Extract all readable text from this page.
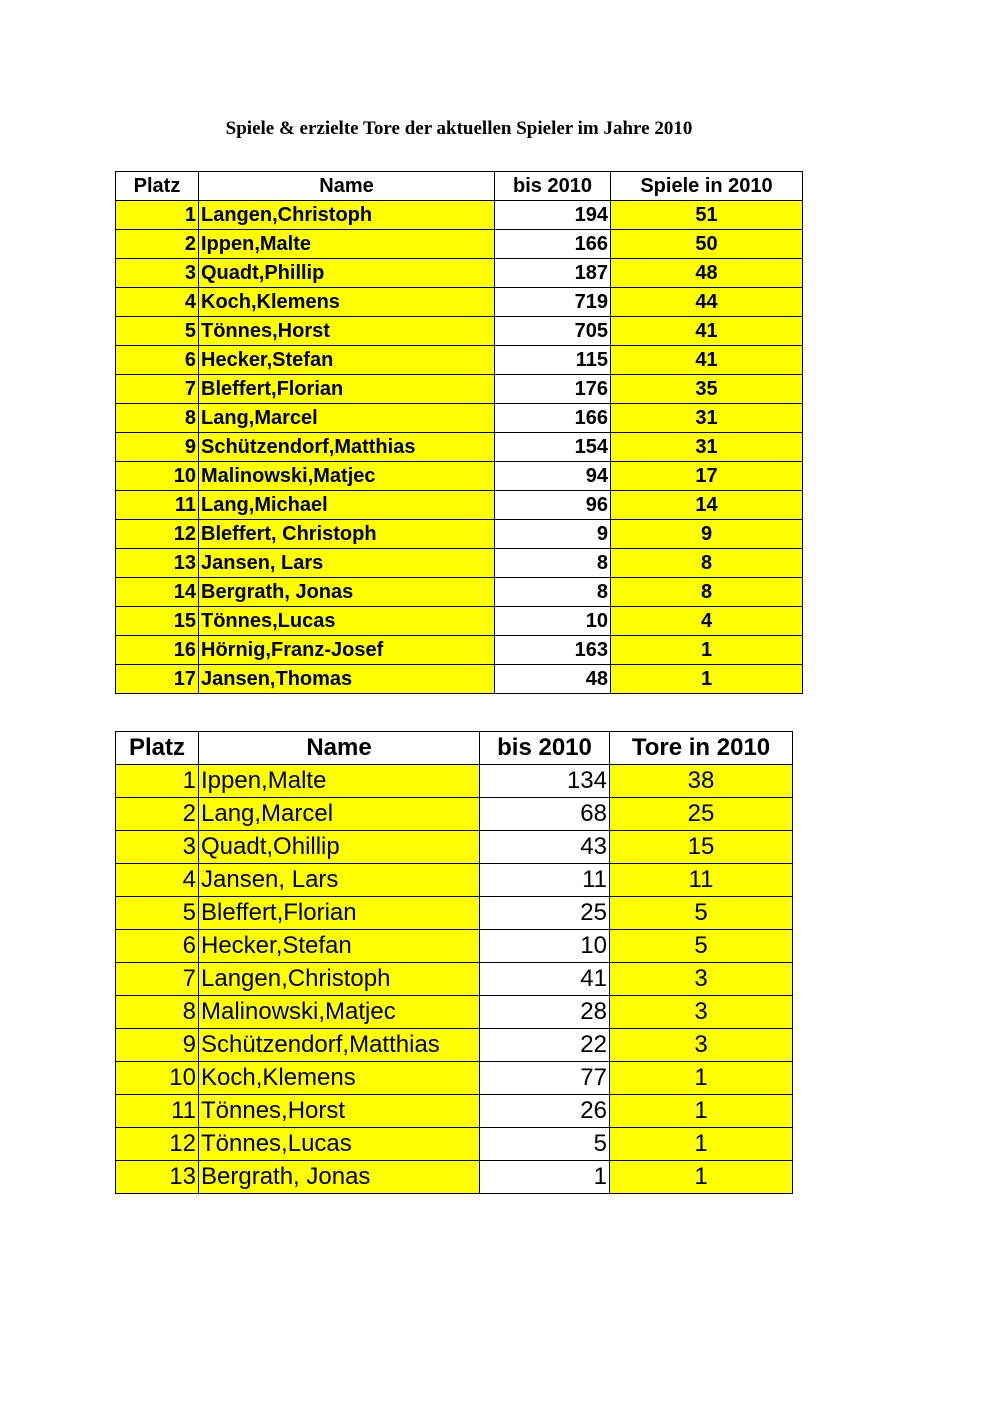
Spiele & erzielte Tore der aktuellen Spieler im Jahre 2010
Platz	Name	bis 2010	Spiele in 2010
1	Langen,Christoph	194	51
2	Ippen,Malte	166	50
3	Quadt,Phillip	187	48
4	Koch,Klemens	719	44
5	Tönnes,Horst	705	41
6	Hecker,Stefan	115	41
7	Bleffert,Florian	176	35
8	Lang,Marcel	166	31
9	Schützendorf,Matthias	154	31
10	Malinowski,Matjec	94	17
11	Lang,Michael	96	14
12	Bleffert, Christoph	9	9
13	Jansen, Lars	8	8
14	Bergrath, Jonas	8	8
15	Tönnes,Lucas	10	4
16	Hörnig,Franz-Josef	163	1
17	Jansen,Thomas	48	1
Platz	Name	bis 2010	Tore in 2010
1	Ippen,Malte	134	38
2	Lang,Marcel	68	25
3	Quadt,Ohillip	43	15
4	Jansen, Lars	11	11
5	Bleffert,Florian	25	5
6	Hecker,Stefan	10	5
7	Langen,Christoph	41	3
8	Malinowski,Matjec	28	3
9	Schützendorf,Matthias	22	3
10	Koch,Klemens	77	1
11	Tönnes,Horst	26	1
12	Tönnes,Lucas	5	1
13	Bergrath, Jonas	1	1
